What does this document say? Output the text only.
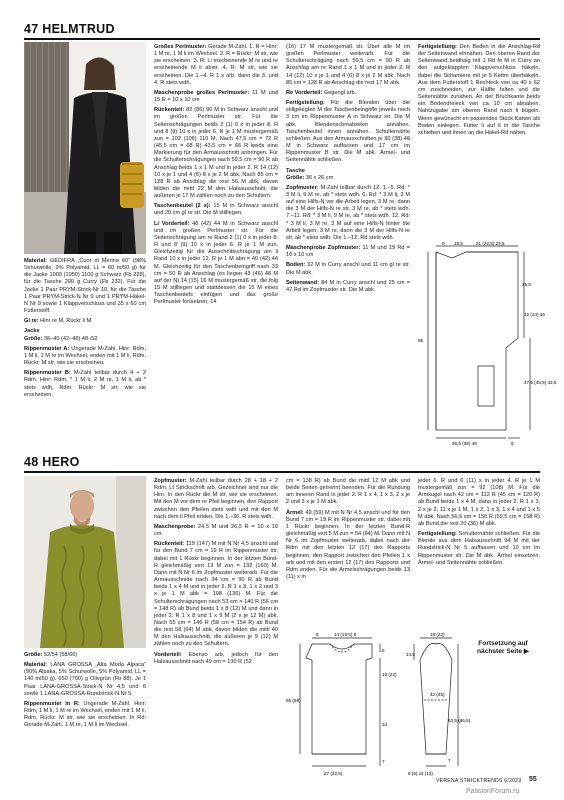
47 HELMTRUD

Material: GEDIFRA „Cuor di Merino 60“ (98% Schurwolle, 2% Polyamid, LL = 60 m/50 g) für die Jacke 1000 (1050) 1100 g Schwarz (Fb 228), für die Tasche 200 g Curry (Fb 232). Für die Jacke 1 Paar PRYM-Strick-Nr 10, für die Tasche 1 Paar PRYM-Strick-N Nr 9 und 1 PRYM-Häkel-N Nr 9 sowie 1 Klappverschluss und 35 x 60 cm Futterstoff.

Gl re: Hinr re M, Rückr li M.

Jacke

Größe: 36–40 (42–46) 48–52

Rippenmuster A: Ungerade M-Zahl. Hinr: Rdm, 1 M li, 1 M re im Wechsel, enden mit 1 M li, Rdm. Rückr: M str, wie sie erscheinen.

Rippenmuster B: M-Zahl teilbar durch 4 + 2 Rdm. Hinr: Rdm, * 1 M li, 2 M re, 1 M li, ab * stets wdh, Rdm. Rückr: M str, wie sie erscheinen.

Großes Perlmuster: Gerade M-Zahl. 1. R = Hinr: 1 M re, 1 M li im Wechsel. 2. R = Rückr: M str, wie sie erscheinen. 3. R: Li erscheinende M re und re erscheinende M li abstr. 4. R: M str, wie sie erscheinen. Die 1.–4. R 1 x arb, dann die 3. und 4. R stets wdh.

Maschenprobe großes Perlmuster: 11 M und 15 R = 10 x 10 cm

Rückenteil: 82 (86) 90 M in Schwarz anschl und im großen Perlmuster str. Für die Seitenschrägungen beids 2 (1) 0 x in jeder 8. R und 8 (9) 10 x in jeder 6. R je 1 M mustergemäß zun = 102 (106) 110 M. Nach 47,5 cm = 72 R (45,5 cm = 68 R) 43,5 cm = 66 R beids eine Markierung für den Armausschnitt anbringen. Für die Schulterschrägungen nach 59,5 cm = 90 R ab Anschlag beids 1 x 1 M und in jeder 2. R 14 (12) 10 x je 1 und 4 (6) 8 x je 2 M abk. Nach 85 cm = 128 R ab Anschlag die rest 56 M abk, davon bilden die mittl 22 M den Halsausschnitt, die äußeren je 17 M zählen noch zu den Schultern.

Taschenbeutel (2 x): 15 M in Schwarz anschl und 20 cm gl re str. Die M stilllegen.

Li Vorderteil: 40 (42) 44 M in Schwarz anschl und im großen Perlmuster str. Für die Seitenschrägung am re Rand 2 (1) 0 x in jeder 8. R und 8 (9) 10 x in jeder 6. R je 1 M zun. Gleichzeitig für die Ausschnittschrägung am li Rand 10 x in jeder 12. R je 1 M abn = 40 (42) 44 M. Gleichzeitig für den Taschenbeingriff nach 33 cm = 50 R ab Anschlag (es liegen 43 (46) 48 M auf der N) 14 (15) 16 M mustergemäß str, die folg 15 M stilllegen und stattdessen die 15 M eines Taschenbeutels einfügen und das große Perlmuster fortsetzen, 14

(16) 17 M mustergemäß str. Über alle M im großen Perlmuster weiterarb. Für die Schulterschrägung nach 59,5 cm = 90 R ab Anschlag am re Rand 1 x 1 M und in jeder 2. R 14 (12) 10 x je 1 und 4 (6) 8 x je 2 M abk. Nach 85 cm = 128 R ab Anschlag die rest 17 M abk.

Re Vorderteil: Gegengl arb.

Fertigstellung: Für die Blenden über die stillgelegten M der Taschenbeingriffe jeweils noch 3 cm im Rippenmuster A in Schwarz str. Die M abk. Blendenschmalseiten annähen. Taschenbeutel innen annähen. Schulternähte schließen. Aus den Armausschnitten je 30 (38) 46 M in Schwarz auffassen und 17 cm im Rippenmuster B str. Die M abk. Ärmel- und Seitennähte schließen.

Tasche

Größe: 36 x 26 cm

Zopfmuster: M-Zahl teilbar durch 12. 1.–5. Rd: * 3 M li, 9 M re, ab * stets wdh. 6. Rd: * 3 M li, 3 M auf eine Hilfs-N vor die Arbeit legen, 3 M re, dann die 3 M der Hilfs-N re str, 3 M re, ab * stets wdh. 7.–11. Rd: * 3 M li, 9 M re, ab * stets wdh. 12. Rd: * 3 M li, 3 M re, 3 M auf eine Hilfs-N hinter die Arbeit legen, 3 M re, dann die 3 M der Hilfs-N re str, ab * stets wdh. Die 1.–12. Rd stets wdh.

Maschenprobe Zopfmuster: 11 M und 19 Rd = 10 x 10 cm

Boden: 32 M in Curry anschl und 11 cm gl re str. Die M abk.

Seitenwand: 84 M in Curry anschl und 25 cm = 47 Rd im Zopfmuster str. Die M abk.

Fertigstellung: Den Boden in die Anschlag-Rd der Seitenwand einnähen. Den oberen Rand der Seitenwand beidhäig mit 1 Rd fe M in Curry an den aufgeklappten Klappverschluss häkeln, dabei die Scharniere mit je 5 Kettm überhäkeln. Aus dem Futterstoff 1 Rechteck von ca 40 x 62 cm zuschneiden, zur Hälfte falten und die Seitennähte zunähen. An der Bruchkante beids ein Bodendreieck von ca 10 cm abnähen. Nahtzugabe am oberen Rand nach li bügeln. Wenn gewünscht en passendes Stück Karton als Boden einlegen. Futter li auf li in die Tasche schieben und innen an die Häkel-Rd nähen.

9 15,5	21 (22,5) 24,5
25,5
12 (14) 16
85
47,5 (45,5) 43,5
36,5 (38) 40	9
48 HERO

Größe: 52/54 (58/60)

Material: LANA GROSSA „Alta Moda Alpaca“ (90% Alpaka, 5% Schurwolle, 5% Polyamid, LL = 140 m/50 g). 650 (700) g Olivgrün (Fb 88). Je 1 Paar LANA-GROSSA-Strick-N Nr 4,5 und 6 sowie 1 LANA-GROSSA-Rundstrick-N Nr 5.

Rippenmuster in R: Ungerade M-Zahl. Hinr: Rdm, 1 M li, 1 M re im Wechsel, enden mit 1 M li, Rdm. Rückr: M str, wie sie erscheinen. In Rd: Gerade M-Zahl. 1 M re, 1 M li im Wechsel.

Zopfmuster: M-Zahl teilbar durch 28 + 18 + 2 Rdm. Lt Strickschrift arb. Gezeichnet sind nur die Hinr. In den Rückr die M str, wie sie erscheinen. Mit den M vor dem re Pfeil beginnen, den Rapport zwischen den Pfeilen stets wdh und mit den M nach dem li Pfeil enden. Die 1.–36. R stets wdh.

Maschenprobe: 24,5 M und 26,5 R = 10 x 10 cm.

Rückenteil: 119 (147) M mit N Nr 4,5 anschl und für den Bund 7 cm = 19 R im Rippenmuster str, dabei mit 1 Rückr beginnen. In der letzten Bund-R gleichmäßig vert 13 M zun = 132 (160) M. Dann mit N Nr 6 im Zopfmuster weiterarb. Für die Armausschnitte nach 34 cm = 90 R ab Bund beids 1 x 4 M und in jeder 2. R 1 x 3, 1 x 2 und 3 x je 1 M abk = 108 (136) M. Für die Schulterschrägungen nach 53 cm = 140 R (56 cm = 148 R) ab Bund beids 1 x 8 (12) M und dann in jeder 2. R 1 x 8 und 1 x 9 M (2 x je 12 M) abk. Nach 55 cm = 146 R (58 cm = 154 R) ab Bund die rest 58 (64) M abk, davon bilden die mittl 40 M den Halsausschnitt, die äußeren je 9 (12) M zählen noch zu den Schultern.

Vorderteil: Ebenso arb, jedoch für den Halsausschnitt nach 49 cm = 130 R (52

cm = 138 R) ab Bund die mittl 12 M abk und beide Seiten getrennt beenden. Für die Rundung am inneren Rand in jeder 2. R 1 x 4, 1 x 3, 2 x je 2 und 3 x je 1 M abk.

Ärmel: 49 (59) M mit N Nr 4,5 anschl und für den Bund 7 cm = 19 R im Rippenmuster str, dabei mit 1 Rückr beginnen. In der letzten Bund-R gleichmäßig vert 5 M zun = 54 (64) M. Dann mit N Nr 6 im Zopfmuster weiterarb, dabei nach der Rdm mit den letzten 12 (17) des Rapports beginnen, den Rapport zwischen den Pfeilen 1 x arb und mit den ersten 12 (17) des Rapports und Rdm enden. Für die Armelschrägungen beids 13 (11) x in

jeder 6. R und 6 (11) x in jeder 4. R je 1 M mustergemäß zun = 92 (108) M. Für die Armkugel nach 42 cm = 112 R (45 cm = 120 R) ab Bund beids 1 x 4 M, dann in jeder 2. R 1 x 3, 2 x je 2, 11 x je 1 M, 1 x 2, 1 x 3, 1 x 4 und 1 x 5 M abk. Nach 56,5 cm = 150 R (59,5 cm = 158 R) ab Bund die rest 20 (36) M abk.

Fertigstellung: Schulternähte schließen. Für die Blende aus dem Halsausschnitt 94 M mit der Rundstrick-N Nr 5 auffassen und 10 cm im Rippenmuster str. Die M abk. Ärmel einsetzen. Ärmel- und Seitennähte schließen.

Fortsetzung auf
nächster Seite ▶
8	14 (19,5) 8
6
19 (22)
56 (58)
34
7
27 (32,5)
19 (22)
14,5
42 (45)
63,5 (66,5)
7
8 (6) 11 (13)
VERENA STRICKTRENDS 6/2023 55
PassionForum.ru
